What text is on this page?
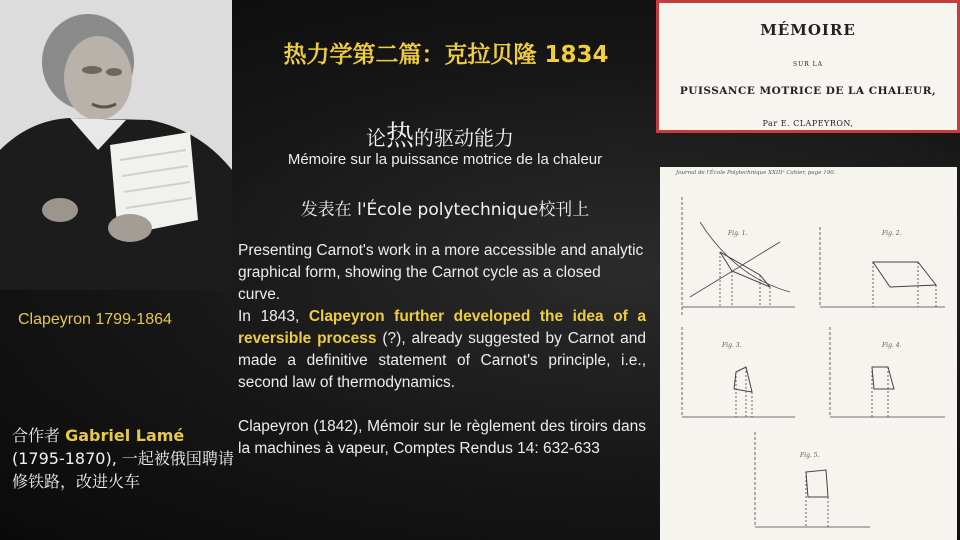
Clapeyron 1799-1864
合作者 Gabriel Lamé
(1795-1870), 一起被俄国聘请修铁路，改进火车
热力学第二篇：克拉贝隆 1834
论热的驱动能力
Mémoire sur la puissance motrice de la chaleur
发表在 l'École polytechnique校刊上

Presenting Carnot's work in a more accessible and analytic graphical form, showing the Carnot cycle as a closed curve.

In 1843, Clapeyron further developed the idea of a reversible process (?), already suggested by Carnot and made a definitive statement of Carnot's principle, i.e., second law of thermodynamics.

Clapeyron (1842), Mémoir sur le règlement des tiroirs dans la machines à vapeur, Comptes Rendus 14: 632-633

MÉMOIRE
SUR LA
PUISSANCE MOTRICE DE LA CHALEUR,
Par E. CLAPEYRON,
Journal de l'École Polytechnique XXIIIᵉ Cahier, page 190.
Fig. 1.	Fig. 2.
Fig. 3.	Fig. 4.
Fig. 5.
